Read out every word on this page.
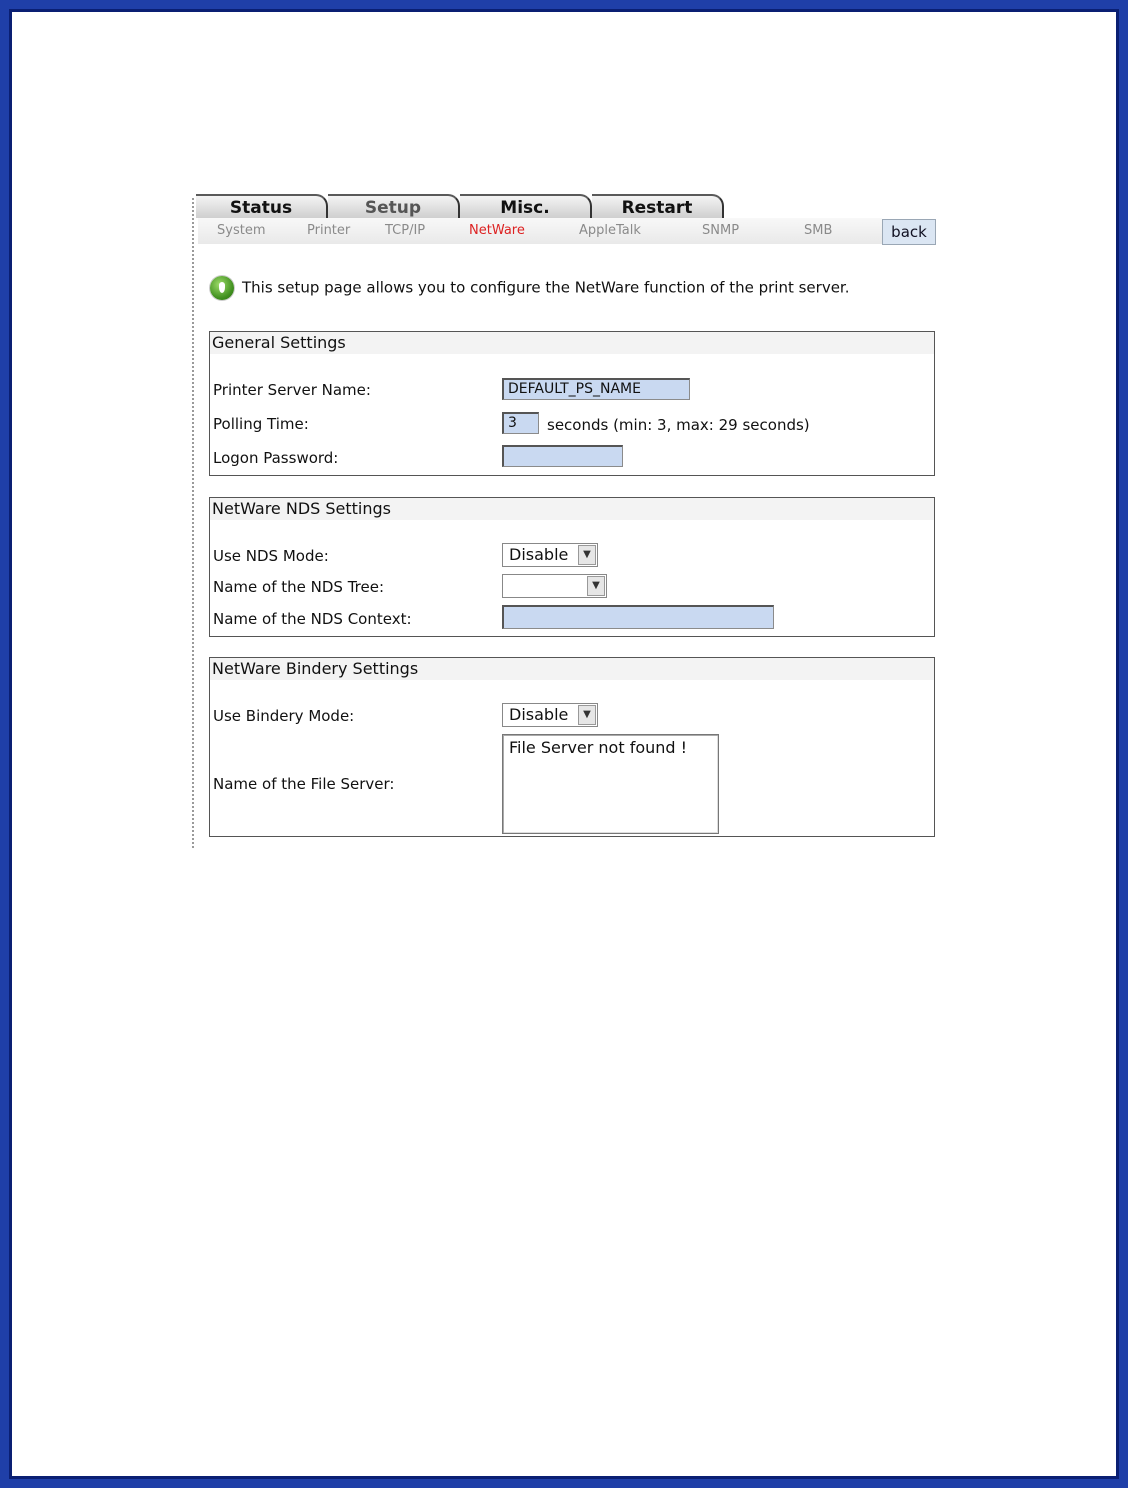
Status	Setup	Misc.	Restart
System	Printer	TCP/IP	NetWare	AppleTalk	SNMP	SMB	back
This setup page allows you to configure the NetWare function of the print server.
General Settings
Printer Server Name:	DEFAULT_PS_NAME
Polling Time:	3	seconds (min: 3, max: 29 seconds)
Logon Password:
NetWare NDS Settings
Use NDS Mode:	Disable	▼
Name of the NDS Tree:	▼
Name of the NDS Context:
NetWare Bindery Settings
Use Bindery Mode:	Disable	▼
Name of the File Server:
File Server not found !
